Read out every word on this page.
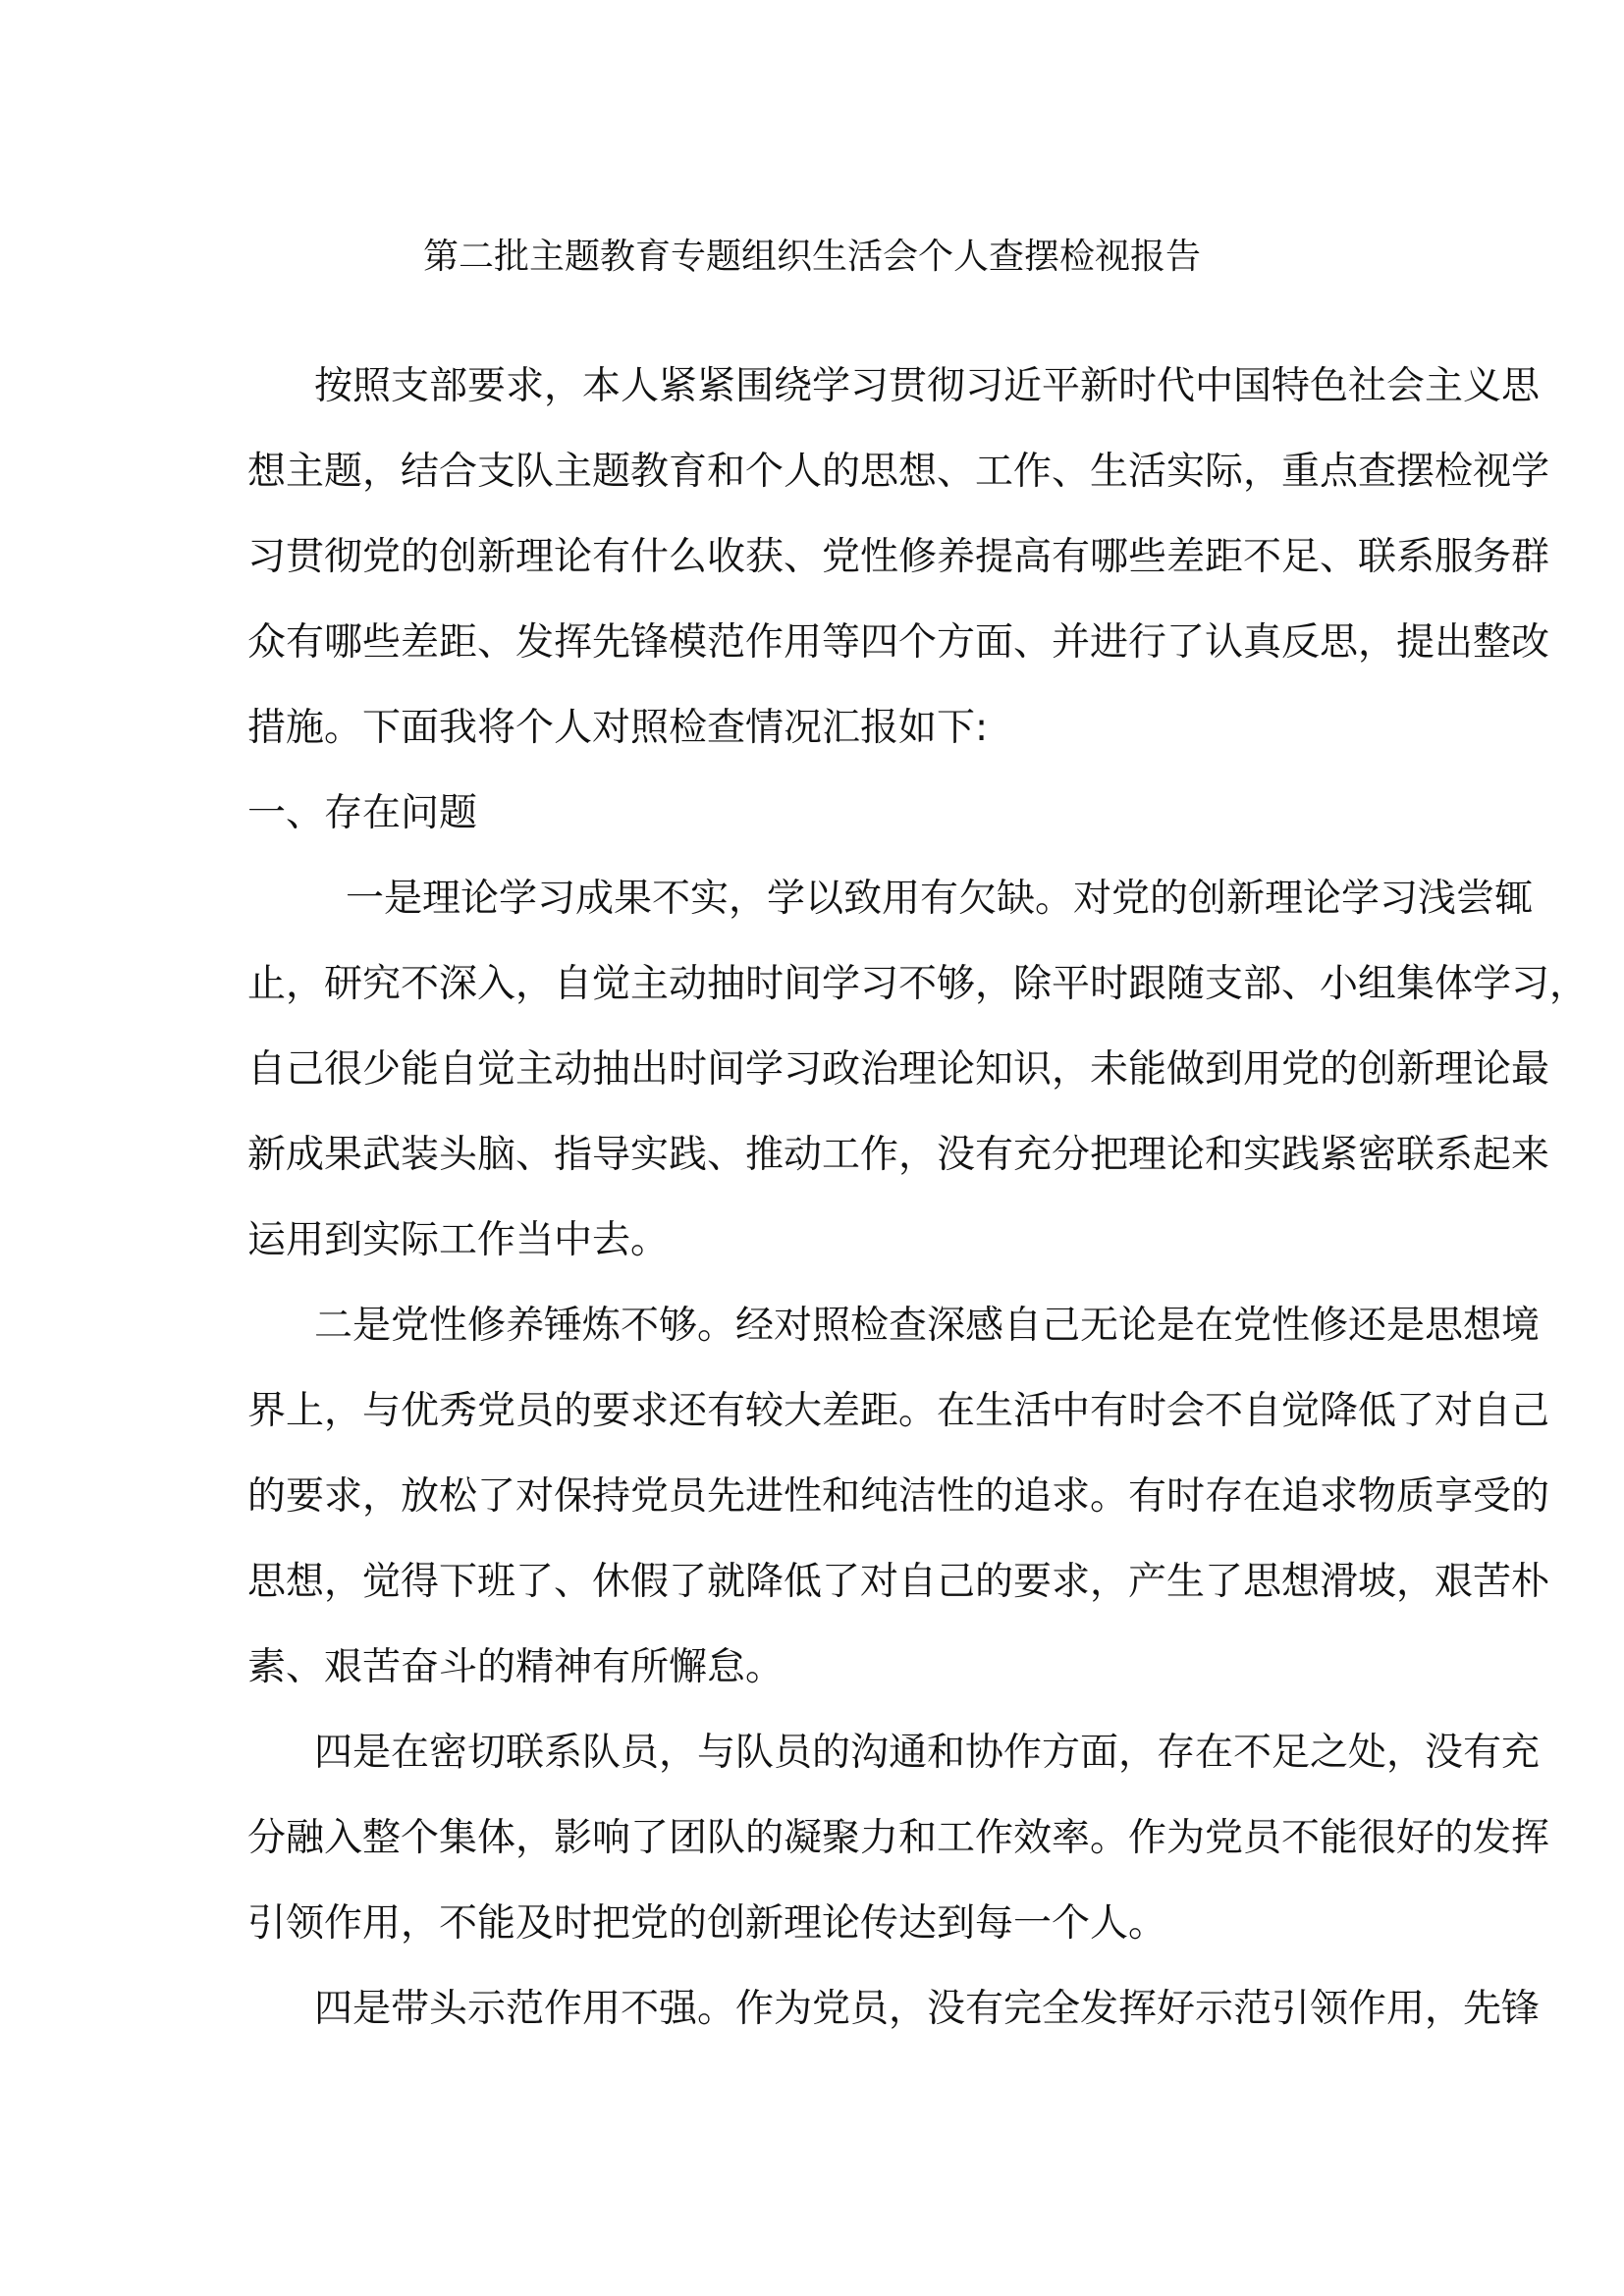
第二批主题教育专题组织生活会个人查摆检视报告
按照支部要求，本人紧紧围绕学习贯彻习近平新时代中国特色社会主义思
想主题，结合支队主题教育和个人的思想、工作、生活实际，重点查摆检视学
习贯彻党的创新理论有什么收获、党性修养提高有哪些差距不足、联系服务群
众有哪些差距、发挥先锋模范作用等四个方面、并进行了认真反思，提出整改
措施。下面我将个人对照检查情况汇报如下:
一、存在问题
一是理论学习成果不实，学以致用有欠缺。对党的创新理论学习浅尝辄
止，研究不深入，自觉主动抽时间学习不够，除平时跟随支部、小组集体学习，
自己很少能自觉主动抽出时间学习政治理论知识，未能做到用党的创新理论最
新成果武装头脑、指导实践、推动工作，没有充分把理论和实践紧密联系起来
运用到实际工作当中去。
二是党性修养锤炼不够。经对照检查深感自己无论是在党性修还是思想境
界上，与优秀党员的要求还有较大差距。在生活中有时会不自觉降低了对自己
的要求，放松了对保持党员先进性和纯洁性的追求。有时存在追求物质享受的
思想，觉得下班了、休假了就降低了对自己的要求，产生了思想滑坡，艰苦朴
素、艰苦奋斗的精神有所懈怠。
四是在密切联系队员，与队员的沟通和协作方面，存在不足之处，没有充
分融入整个集体，影响了团队的凝聚力和工作效率。作为党员不能很好的发挥
引领作用，不能及时把党的创新理论传达到每一个人。
四是带头示范作用不强。作为党员，没有完全发挥好示范引领作用，先锋
